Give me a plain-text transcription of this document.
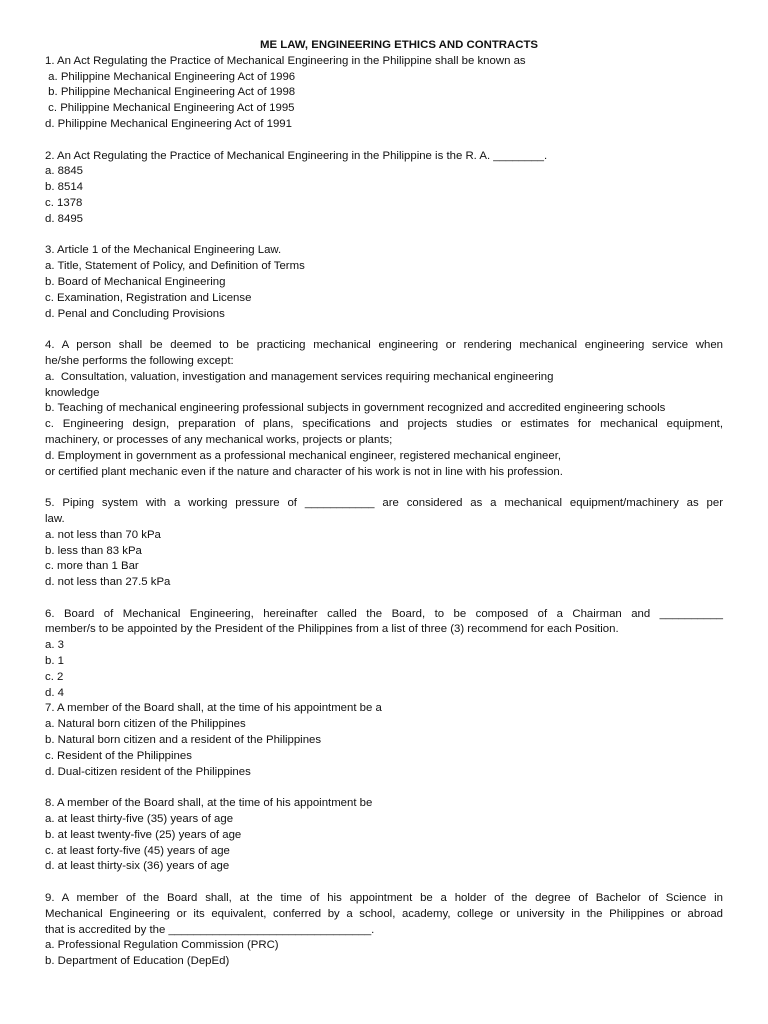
ME LAW, ENGINEERING ETHICS AND CONTRACTS

1. An Act Regulating the Practice of Mechanical Engineering in the Philippine shall be known as

a. Philippine Mechanical Engineering Act of 1996

b. Philippine Mechanical Engineering Act of 1998

c. Philippine Mechanical Engineering Act of 1995

d. Philippine Mechanical Engineering Act of 1991

2. An Act Regulating the Practice of Mechanical Engineering in the Philippine is the R. A. ________.

a. 8845

b. 8514

c. 1378

d. 8495

3. Article 1 of the Mechanical Engineering Law.

a. Title, Statement of Policy, and Definition of Terms

b. Board of Mechanical Engineering

c. Examination, Registration and License

d. Penal and Concluding Provisions

4. A person shall be deemed to be practicing mechanical engineering or rendering mechanical engineering service when

he/she performs the following except:

a.  Consultation, valuation, investigation and management services requiring mechanical engineering

knowledge

b. Teaching of mechanical engineering professional subjects in government recognized and accredited engineering schools

c. Engineering design, preparation of plans, specifications and projects studies or estimates for mechanical equipment,

machinery, or processes of any mechanical works, projects or plants;

d. Employment in government as a professional mechanical engineer, registered mechanical engineer,

or certified plant mechanic even if the nature and character of his work is not in line with his profession.

5. Piping system with a working pressure of ___________ are considered as a mechanical equipment/machinery as per

law.

a. not less than 70 kPa

b. less than 83 kPa

c. more than 1 Bar

d. not less than 27.5 kPa

6. Board of Mechanical Engineering, hereinafter called the Board, to be composed of a Chairman and __________

member/s to be appointed by the President of the Philippines from a list of three (3) recommend for each Position.

a. 3

b. 1

c. 2

d. 4

7. A member of the Board shall, at the time of his appointment be a

a. Natural born citizen of the Philippines

b. Natural born citizen and a resident of the Philippines

c. Resident of the Philippines

d. Dual-citizen resident of the Philippines

8. A member of the Board shall, at the time of his appointment be

a. at least thirty-five (35) years of age

b. at least twenty-five (25) years of age

c. at least forty-five (45) years of age

d. at least thirty-six (36) years of age

9. A member of the Board shall, at the time of his appointment be a holder of the degree of Bachelor of Science in

Mechanical Engineering or its equivalent, conferred by a school, academy, college or university in the Philippines or abroad

that is accredited by the ________________________________.

a. Professional Regulation Commission (PRC)

b. Department of Education (DepEd)
